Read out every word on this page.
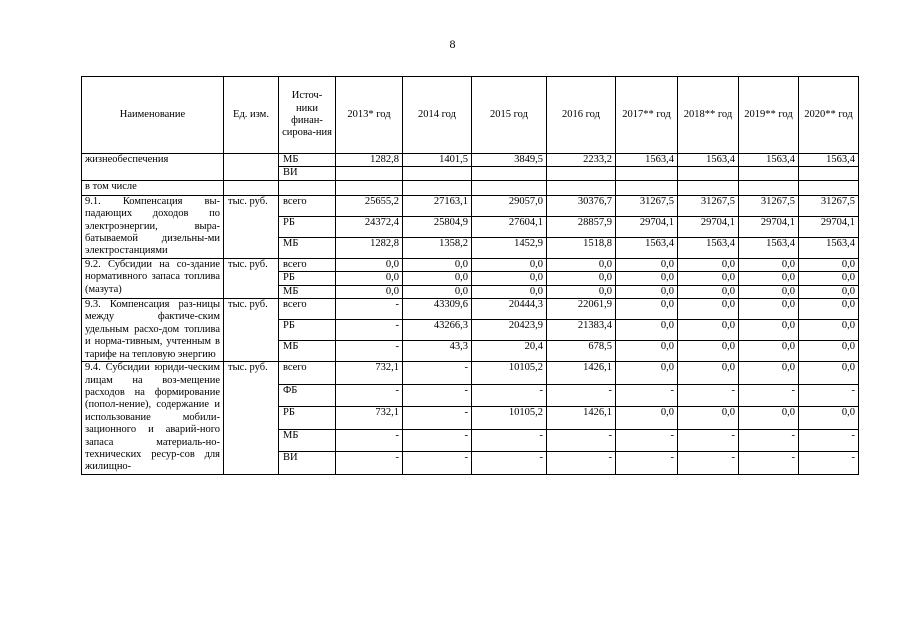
8
Наименование	Ед. изм.	Источ-ники финан-сирова-ния	2013* год	2014 год	2015 год	2016 год	2017** год	2018** год	2019** год	2020** год
жизнеобеспечения		МБ	1282,8	1401,5	3849,5	2233,2	1563,4	1563,4	1563,4	1563,4
		ВИ								
в том числе										
9.1. Компенсация вы-падающих доходов по электроэнергии, выра-батываемой дизельны-ми электростанциями	тыс. руб.	всего	25655,2	27163,1	29057,0	30376,7	31267,5	31267,5	31267,5	31267,5
		РБ	24372,4	25804,9	27604,1	28857,9	29704,1	29704,1	29704,1	29704,1
		МБ	1282,8	1358,2	1452,9	1518,8	1563,4	1563,4	1563,4	1563,4
9.2. Субсидии на со-здание нормативного запаса топлива (мазута)	тыс. руб.	всего	0,0	0,0	0,0	0,0	0,0	0,0	0,0	0,0
		РБ	0,0	0,0	0,0	0,0	0,0	0,0	0,0	0,0
		МБ	0,0	0,0	0,0	0,0	0,0	0,0	0,0	0,0
9.3. Компенсация раз-ницы между фактиче-ским удельным расхо-дом топлива и норма-тивным, учтенным в тарифе на тепловую энергию	тыс. руб.	всего	-	43309,6	20444,3	22061,9	0,0	0,0	0,0	0,0
		РБ	-	43266,3	20423,9	21383,4	0,0	0,0	0,0	0,0
		МБ	-	43,3	20,4	678,5	0,0	0,0	0,0	0,0
9.4. Субсидии юриди-ческим лицам на воз-мещение расходов на формирование (попол-нение), содержание и использование мобили-зационного и аварий-ного запаса материаль-но-технических ресур-сов для жилищно-	тыс. руб.	всего	732,1	-	10105,2	1426,1	0,0	0,0	0,0	0,0
		ФБ	-	-	-	-	-	-	-	-
		РБ	732,1	-	10105,2	1426,1	0,0	0,0	0,0	0,0
		МБ	-	-	-	-	-	-	-	-
		ВИ	-	-	-	-	-	-	-	-
